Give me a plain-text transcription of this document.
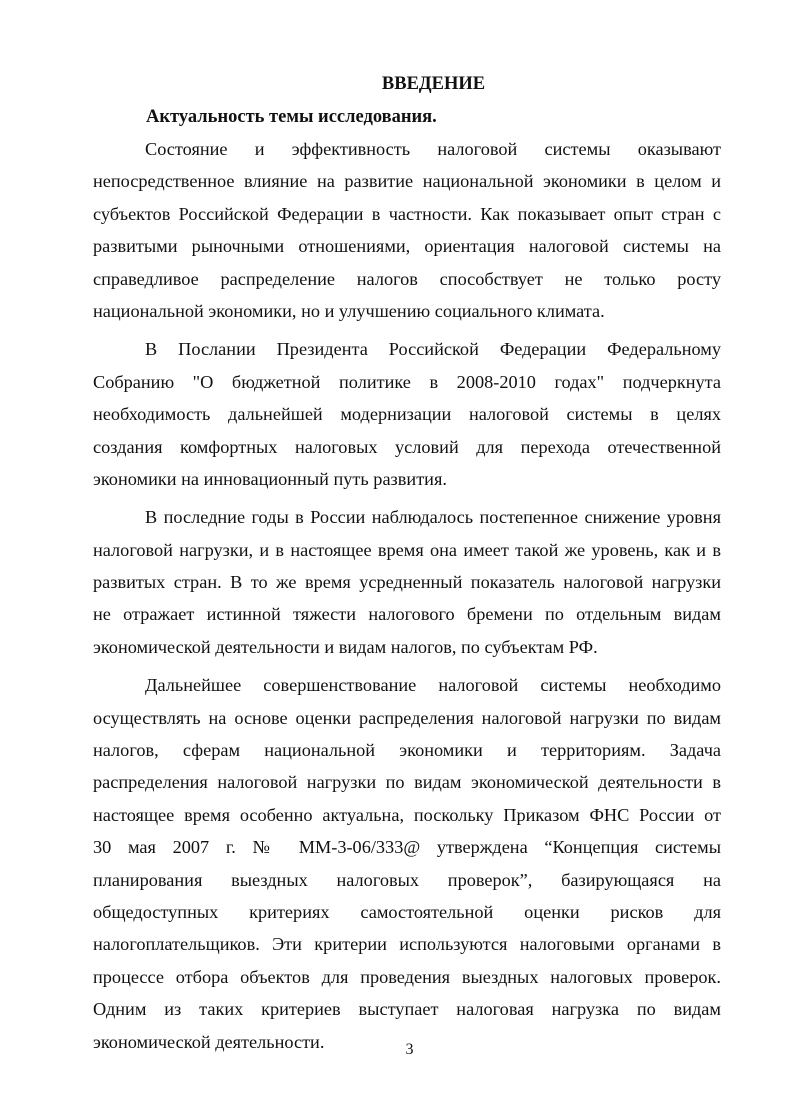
ВВЕДЕНИЕ
Актуальность темы исследования.
Состояние и эффективность налоговой системы оказывают
непосредственное влияние на развитие национальной экономики в целом и
субъектов Российской Федерации в частности. Как показывает опыт стран с
развитыми рыночными отношениями, ориентация налоговой системы на
справедливое распределение налогов способствует не только росту
национальной экономики, но и улучшению социального климата.
В Послании Президента Российской Федерации Федеральному
Собранию "О бюджетной политике в 2008-2010 годах" подчеркнута
необходимость дальнейшей модернизации налоговой системы в целях
создания комфортных налоговых условий для перехода отечественной
экономики на инновационный путь развития.
В последние годы в России наблюдалось постепенное снижение уровня
налоговой нагрузки, и в настоящее время она имеет такой же уровень, как и в
развитых стран. В то же время усредненный показатель налоговой нагрузки
не отражает истинной тяжести налогового бремени по отдельным видам
экономической деятельности и видам налогов, по субъектам РФ.
Дальнейшее совершенствование налоговой системы необходимо
осуществлять на основе оценки распределения налоговой нагрузки по видам
налогов, сферам национальной экономики и территориям. Задача
распределения налоговой нагрузки по видам экономической деятельности в
настоящее время особенно актуальна, поскольку Приказом ФНС России от
30 мая 2007 г. № ММ-3-06/333@ утверждена “Концепция системы
планирования выездных налоговых проверок”, базирующаяся на
общедоступных критериях самостоятельной оценки рисков для
налогоплательщиков. Эти критерии используются налоговыми органами в
процессе отбора объектов для проведения выездных налоговых проверок.
Одним из таких критериев выступает налоговая нагрузка по видам
экономической деятельности.	3
